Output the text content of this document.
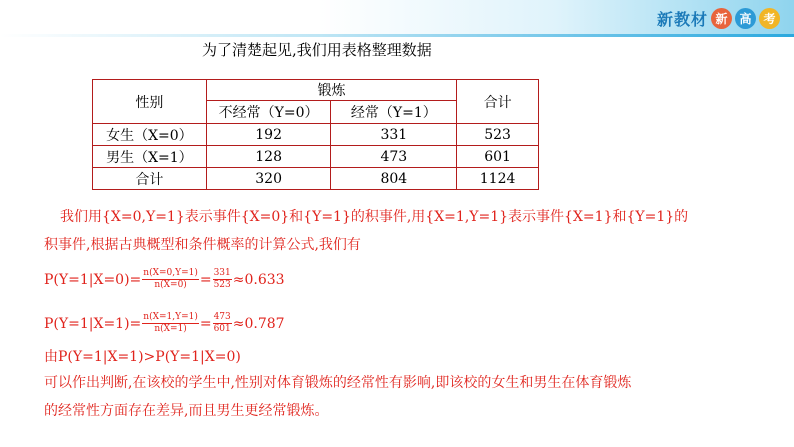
新教材 新 高 考
为了清楚起见,我们用表格整理数据
性别	锻炼		合计
	不经常（Y=0）	经常（Y=1）	
女生（X=0）	192	331	523
男生（X=1）	128	473	601
合计	320	804	1124
我们用{X=0,Y=1}表示事件{X=0}和{Y=1}的积事件,用{X=1,Y=1}表示事件{X=1}和{Y=1}的
积事件,根据古典概型和条件概率的计算公式,我们有
$P(Y=1|X=0)= \frac{n(X=0,Y=1)}{n(X=0)} = \frac{331}{523} \approx 0.633$
$P(Y=1|X=1)= \frac{n(X=1,Y=1)}{n(X=1)} = \frac{473}{601} \approx 0.787$
由P(Y=1|X=1)>P(Y=1|X=0)
可以作出判断,在该校的学生中,性别对体育锻炼的经常性有影响,即该校的女生和男生在体育锻炼
的经常性方面存在差异,而且男生更经常锻炼。
